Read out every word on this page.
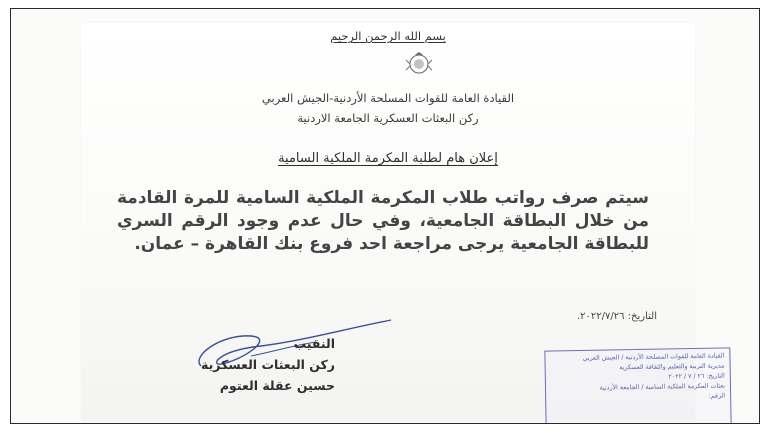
بسم الله الرحمن الرحيم
القيادة العامة للقوات المسلحة الأردنية-الجيش العربي
ركن البعثات العسكرية الجامعة الاردنية
إعلان هام لطلبة المكرمة الملكية السامية
سيتم صرف رواتب طلاب المكرمة الملكية السامية للمرة القادمة من خلال البطاقة الجامعية، وفي حال عدم وجود الرقم السري للبطاقة الجامعية يرجى مراجعة احد فروع بنك القاهرة – عمان.
التاريخ: ٢٠٢٢/٧/٢٦.
النقيب
ركن البعثات العسكرية
حسين عقلة العتوم
القيادة العامة للقوات المسلحة الأردنية / الجيش العربي
مديرية التربية والتعليم والثقافة العسكرية
التاريخ: ٢٦ / ٧ / ٢٠٢٢
بعثات المكرمة الملكية السامية / الجامعة الأردنية
الرقم:
